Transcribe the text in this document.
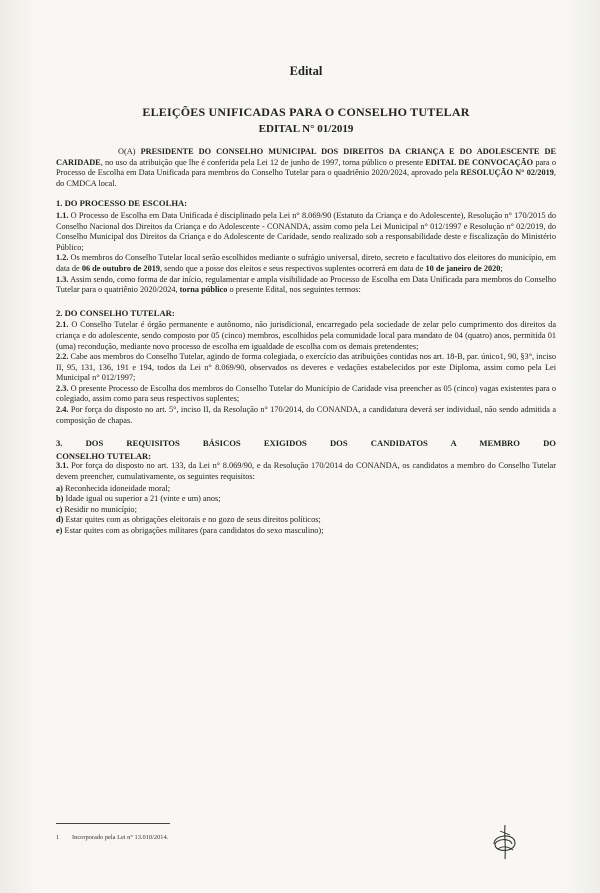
Edital
ELEIÇÕES UNIFICADAS PARA O CONSELHO TUTELAR
EDITAL N° 01/2019

O(A) PRESIDENTE DO CONSELHO MUNICIPAL DOS DIREITOS DA CRIANÇA E DO ADOLESCENTE DE CARIDADE, no uso da atribuição que lhe é conferida pela Lei 12 de junho de 1997, torna público o presente EDITAL DE CONVOCAÇÃO para o Processo de Escolha em Data Unificada para membros do Conselho Tutelar para o quadriênio 2020/2024, aprovado pela RESOLUÇÃO N° 02/2019, do CMDCA local.

1. DO PROCESSO DE ESCOLHA:

1.1. O Processo de Escolha em Data Unificada é disciplinado pela Lei n° 8.069/90 (Estatuto da Criança e do Adolescente), Resolução n° 170/2015 do Conselho Nacional dos Direitos da Criança e do Adolescente - CONANDA, assim como pela Lei Municipal n° 012/1997 e Resolução n° 02/2019, do Conselho Municipal dos Direitos da Criança e do Adolescente de Caridade, sendo realizado sob a responsabilidade deste e fiscalização do Ministério Público;

1.2. Os membros do Conselho Tutelar local serão escolhidos mediante o sufrágio universal, direto, secreto e facultativo dos eleitores do município, em data de 06 de outubro de 2019, sendo que a posse dos eleitos e seus respectivos suplentes ocorrerá em data de 10 de janeiro de 2020;

1.3. Assim sendo, como forma de dar início, regulamentar e ampla visibilidade ao Processo de Escolha em Data Unificada para membros do Conselho Tutelar para o quatriênio 2020/2024, torna público o presente Edital, nos seguintes termos:

2. DO CONSELHO TUTELAR:

2.1. O Conselho Tutelar é órgão permanente e autônomo, não jurisdicional, encarregado pela sociedade de zelar pelo cumprimento dos direitos da criança e do adolescente, sendo composto por 05 (cinco) membros, escolhidos pela comunidade local para mandato de 04 (quatro) anos, permitida 01 (uma) recondução, mediante novo processo de escolha em igualdade de escolha com os demais pretendentes;

2.2. Cabe aos membros do Conselho Tutelar, agindo de forma colegiada, o exercício das atribuições contidas nos art. 18-B, par. único1, 90, §3°, inciso II, 95, 131, 136, 191 e 194, todos da Lei n° 8.069/90, observados os deveres e vedações estabelecidos por este Diploma, assim como pela Lei Municipal n° 012/1997;

2.3. O presente Processo de Escolha dos membros do Conselho Tutelar do Município de Caridade visa preencher as 05 (cinco) vagas existentes para o colegiado, assim como para seus respectivos suplentes;

2.4. Por força do disposto no art. 5°, inciso II, da Resolução n° 170/2014, do CONANDA, a candidatura deverá ser individual, não sendo admitida a composição de chapas.

3. DOS REQUISITOS BÁSICOS EXIGIDOS DOS CANDIDATOS A MEMBRO DO
CONSELHO TUTELAR:

3.1. Por força do disposto no art. 133, da Lei n° 8.069/90, e da Resolução 170/2014 do CONANDA, os candidatos a membro do Conselho Tutelar devem preencher, cumulativamente, os seguintes requisitos:

a) Reconhecida idoneidade moral;
b) Idade igual ou superior a 21 (vinte e um) anos;
c) Residir no município;
d) Estar quites com as obrigações eleitorais e no gozo de seus direitos políticos;
e) Estar quites com as obrigações militares (para candidatos do sexo masculino);
1 Incorporado pela Lei n° 13.010/2014.
